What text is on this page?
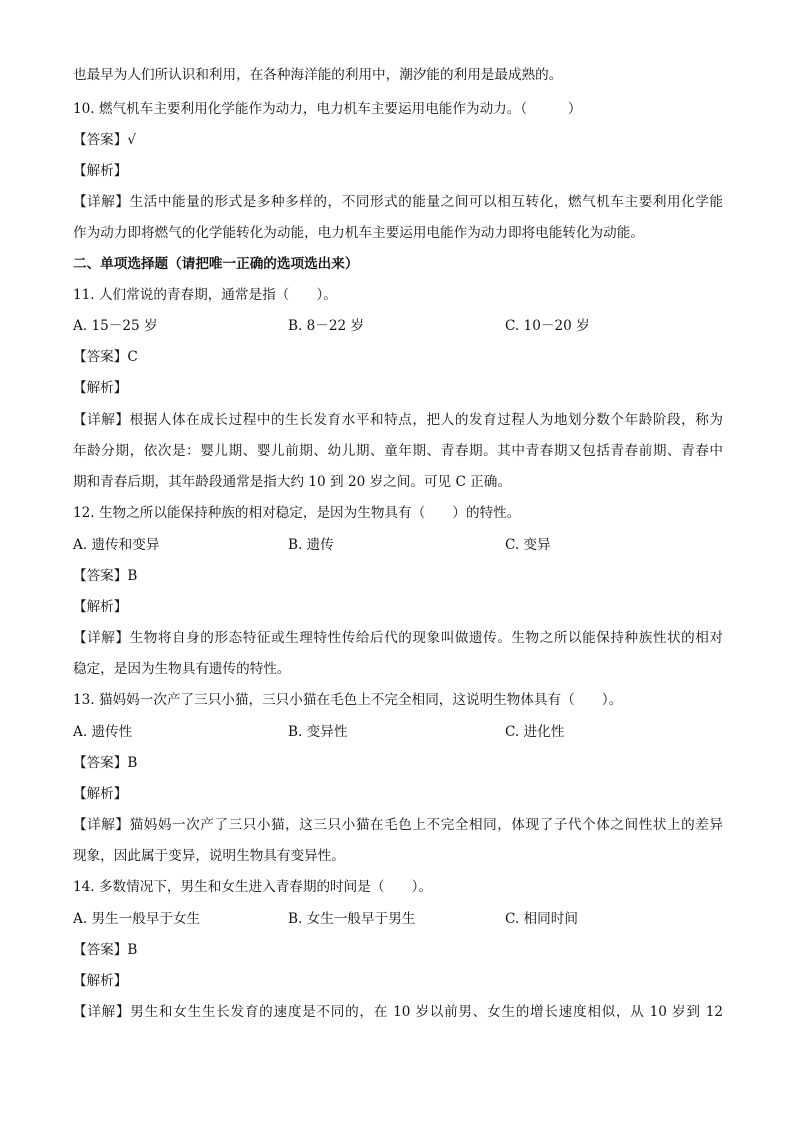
也最早为人们所认识和利用，在各种海洋能的利用中，潮汐能的利用是最成熟的。
10. 燃气机车主要利用化学能作为动力，电力机车主要运用电能作为动力。（　　　）
【答案】√
【解析】
【详解】生活中能量的形式是多种多样的，不同形式的能量之间可以相互转化，燃气机车主要利用化学能
作为动力即将燃气的化学能转化为动能，电力机车主要运用电能作为动力即将电能转化为动能。
二、单项选择题（请把唯一正确的选项选出来）
11. 人们常说的青春期，通常是指（　　）。
A. 15－25 岁	B. 8－22 岁	C. 10－20 岁
【答案】C
【解析】
【详解】根据人体在成长过程中的生长发育水平和特点，把人的发育过程人为地划分数个年龄阶段，称为
年龄分期，依次是：婴儿期、婴儿前期、幼儿期、童年期、青春期。其中青春期又包括青春前期、青春中
期和青春后期，其年龄段通常是指大约 10 到 20 岁之间。可见 C 正确。
12. 生物之所以能保持种族的相对稳定，是因为生物具有（　　）的特性。
A. 遗传和变异	B. 遗传	C. 变异
【答案】B
【解析】
【详解】生物将自身的形态特征或生理特性传给后代的现象叫做遗传。生物之所以能保持种族性状的相对
稳定，是因为生物具有遗传的特性。
13. 猫妈妈一次产了三只小猫，三只小猫在毛色上不完全相同，这说明生物体具有（　　）。
A. 遗传性	B. 变异性	C. 进化性
【答案】B
【解析】
【详解】猫妈妈一次产了三只小猫，这三只小猫在毛色上不完全相同，体现了子代个体之间性状上的差异
现象，因此属于变异，说明生物具有变异性。
14. 多数情况下，男生和女生进入青春期的时间是（　　）。
A. 男生一般早于女生	B. 女生一般早于男生	C. 相同时间
【答案】B
【解析】
【详解】男生和女生生长发育的速度是不同的，在 10 岁以前男、女生的增长速度相似，从 10 岁到 12
